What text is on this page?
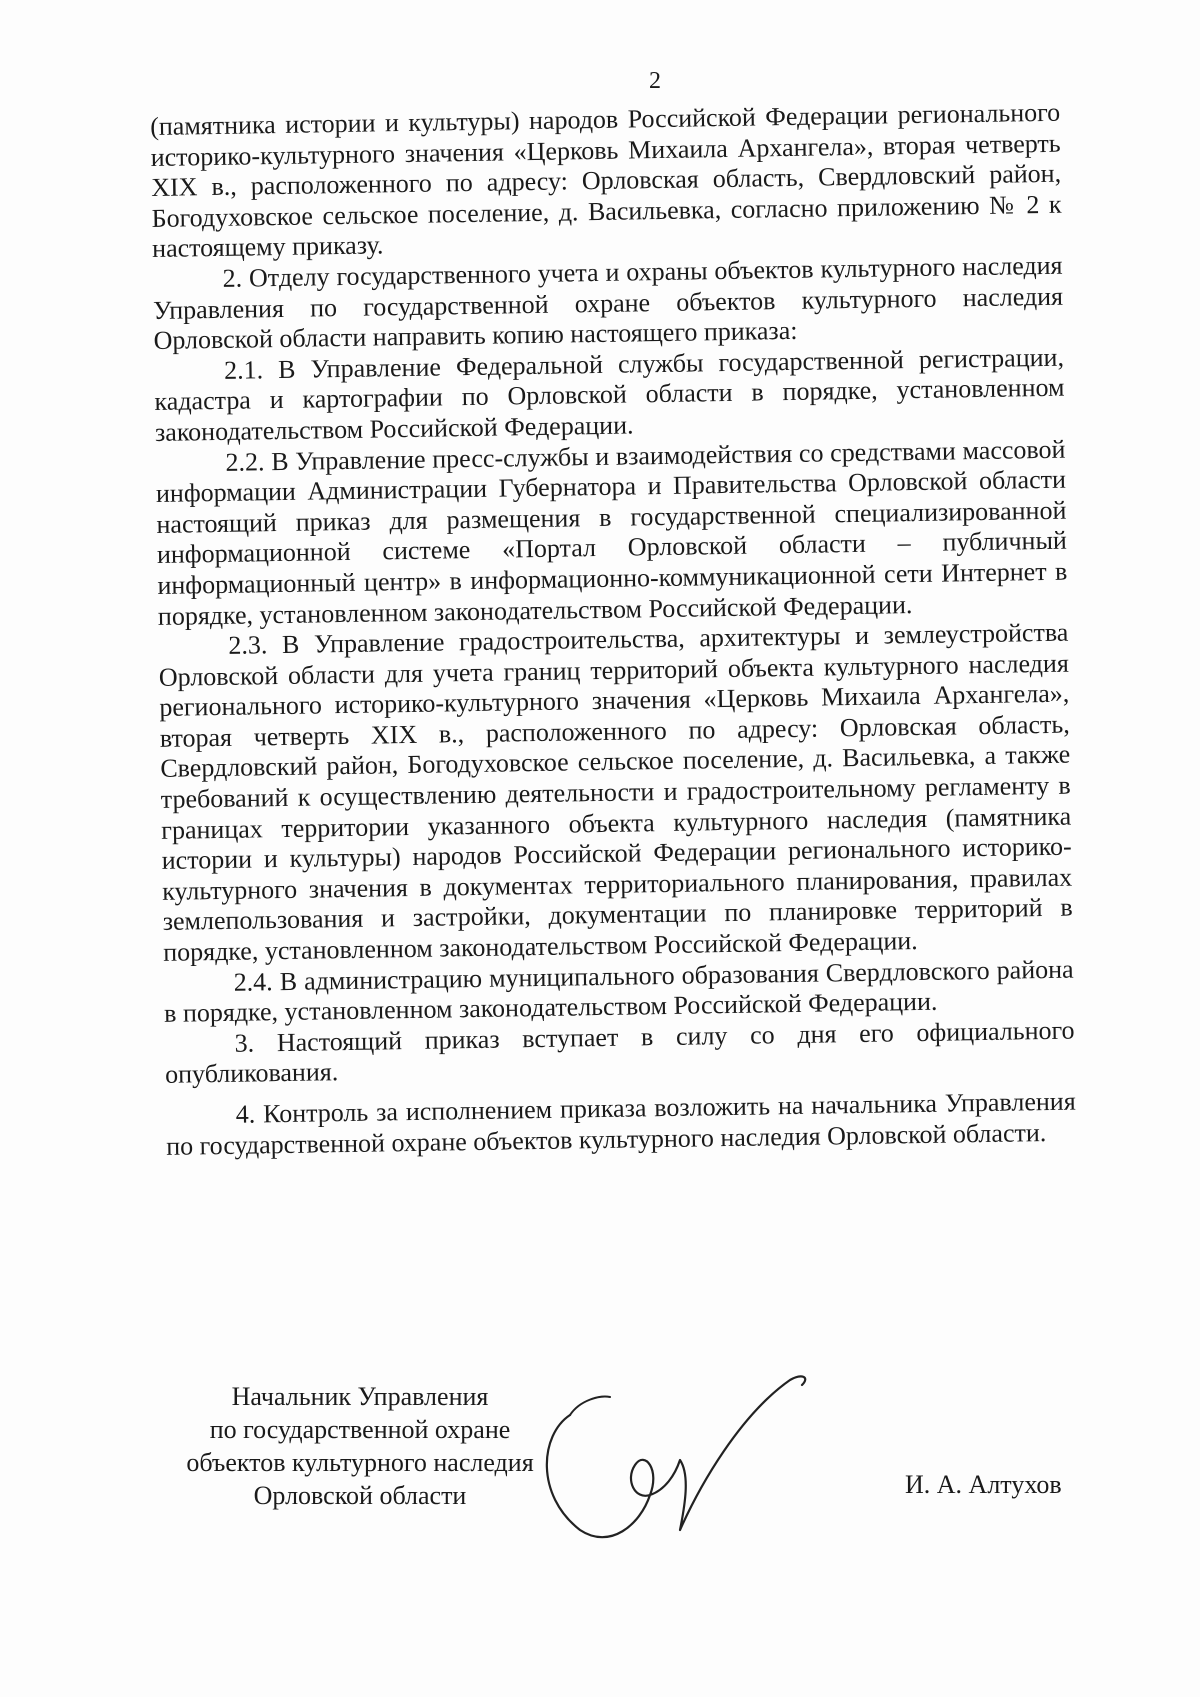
2

(памятника истории и культуры) народов Российской Федерации регионального историко-культурного значения «Церковь Михаила Архангела», вторая четверть XIX в., расположенного по адресу: Орловская область, Свердловский район, Богодуховское сельское поселение, д. Васильевка, согласно приложению № 2 к настоящему приказу.

2. Отделу государственного учета и охраны объектов культурного наследия Управления по государственной охране объектов культурного наследия Орловской области направить копию настоящего приказа:

2.1. В Управление Федеральной службы государственной регистрации, кадастра и картографии по Орловской области в порядке, установленном законодательством Российской Федерации.

2.2. В Управление пресс-службы и взаимодействия со средствами массовой информации Администрации Губернатора и Правительства Орловской области настоящий приказ для размещения в государственной специализированной информационной системе «Портал Орловской области – публичный информационный центр» в информационно-коммуникационной сети Интернет в порядке, установленном законодательством Российской Федерации.

2.3. В Управление градостроительства, архитектуры и землеустройства Орловской области для учета границ территорий объекта культурного наследия регионального историко-культурного значения «Церковь Михаила Архангела», вторая четверть XIX в., расположенного по адресу: Орловская область, Свердловский район, Богодуховское сельское поселение, д. Васильевка, а также требований к осуществлению деятельности и градостроительному регламенту в границах территории указанного объекта культурного наследия (памятника истории и культуры) народов Российской Федерации регионального историко-культурного значения в документах территориального планирования, правилах землепользования и застройки, документации по планировке территорий в порядке, установленном законодательством Российской Федерации.

2.4. В администрацию муниципального образования Свердловского района в порядке, установленном законодательством Российской Федерации.

3. Настоящий приказ вступает в силу со дня его официального опубликования.

4. Контроль за исполнением приказа возложить на начальника Управления по государственной охране объектов культурного наследия Орловской области.

Начальник Управления
по государственной охране
объектов культурного наследия
Орловской области	И. А. Алтухов
